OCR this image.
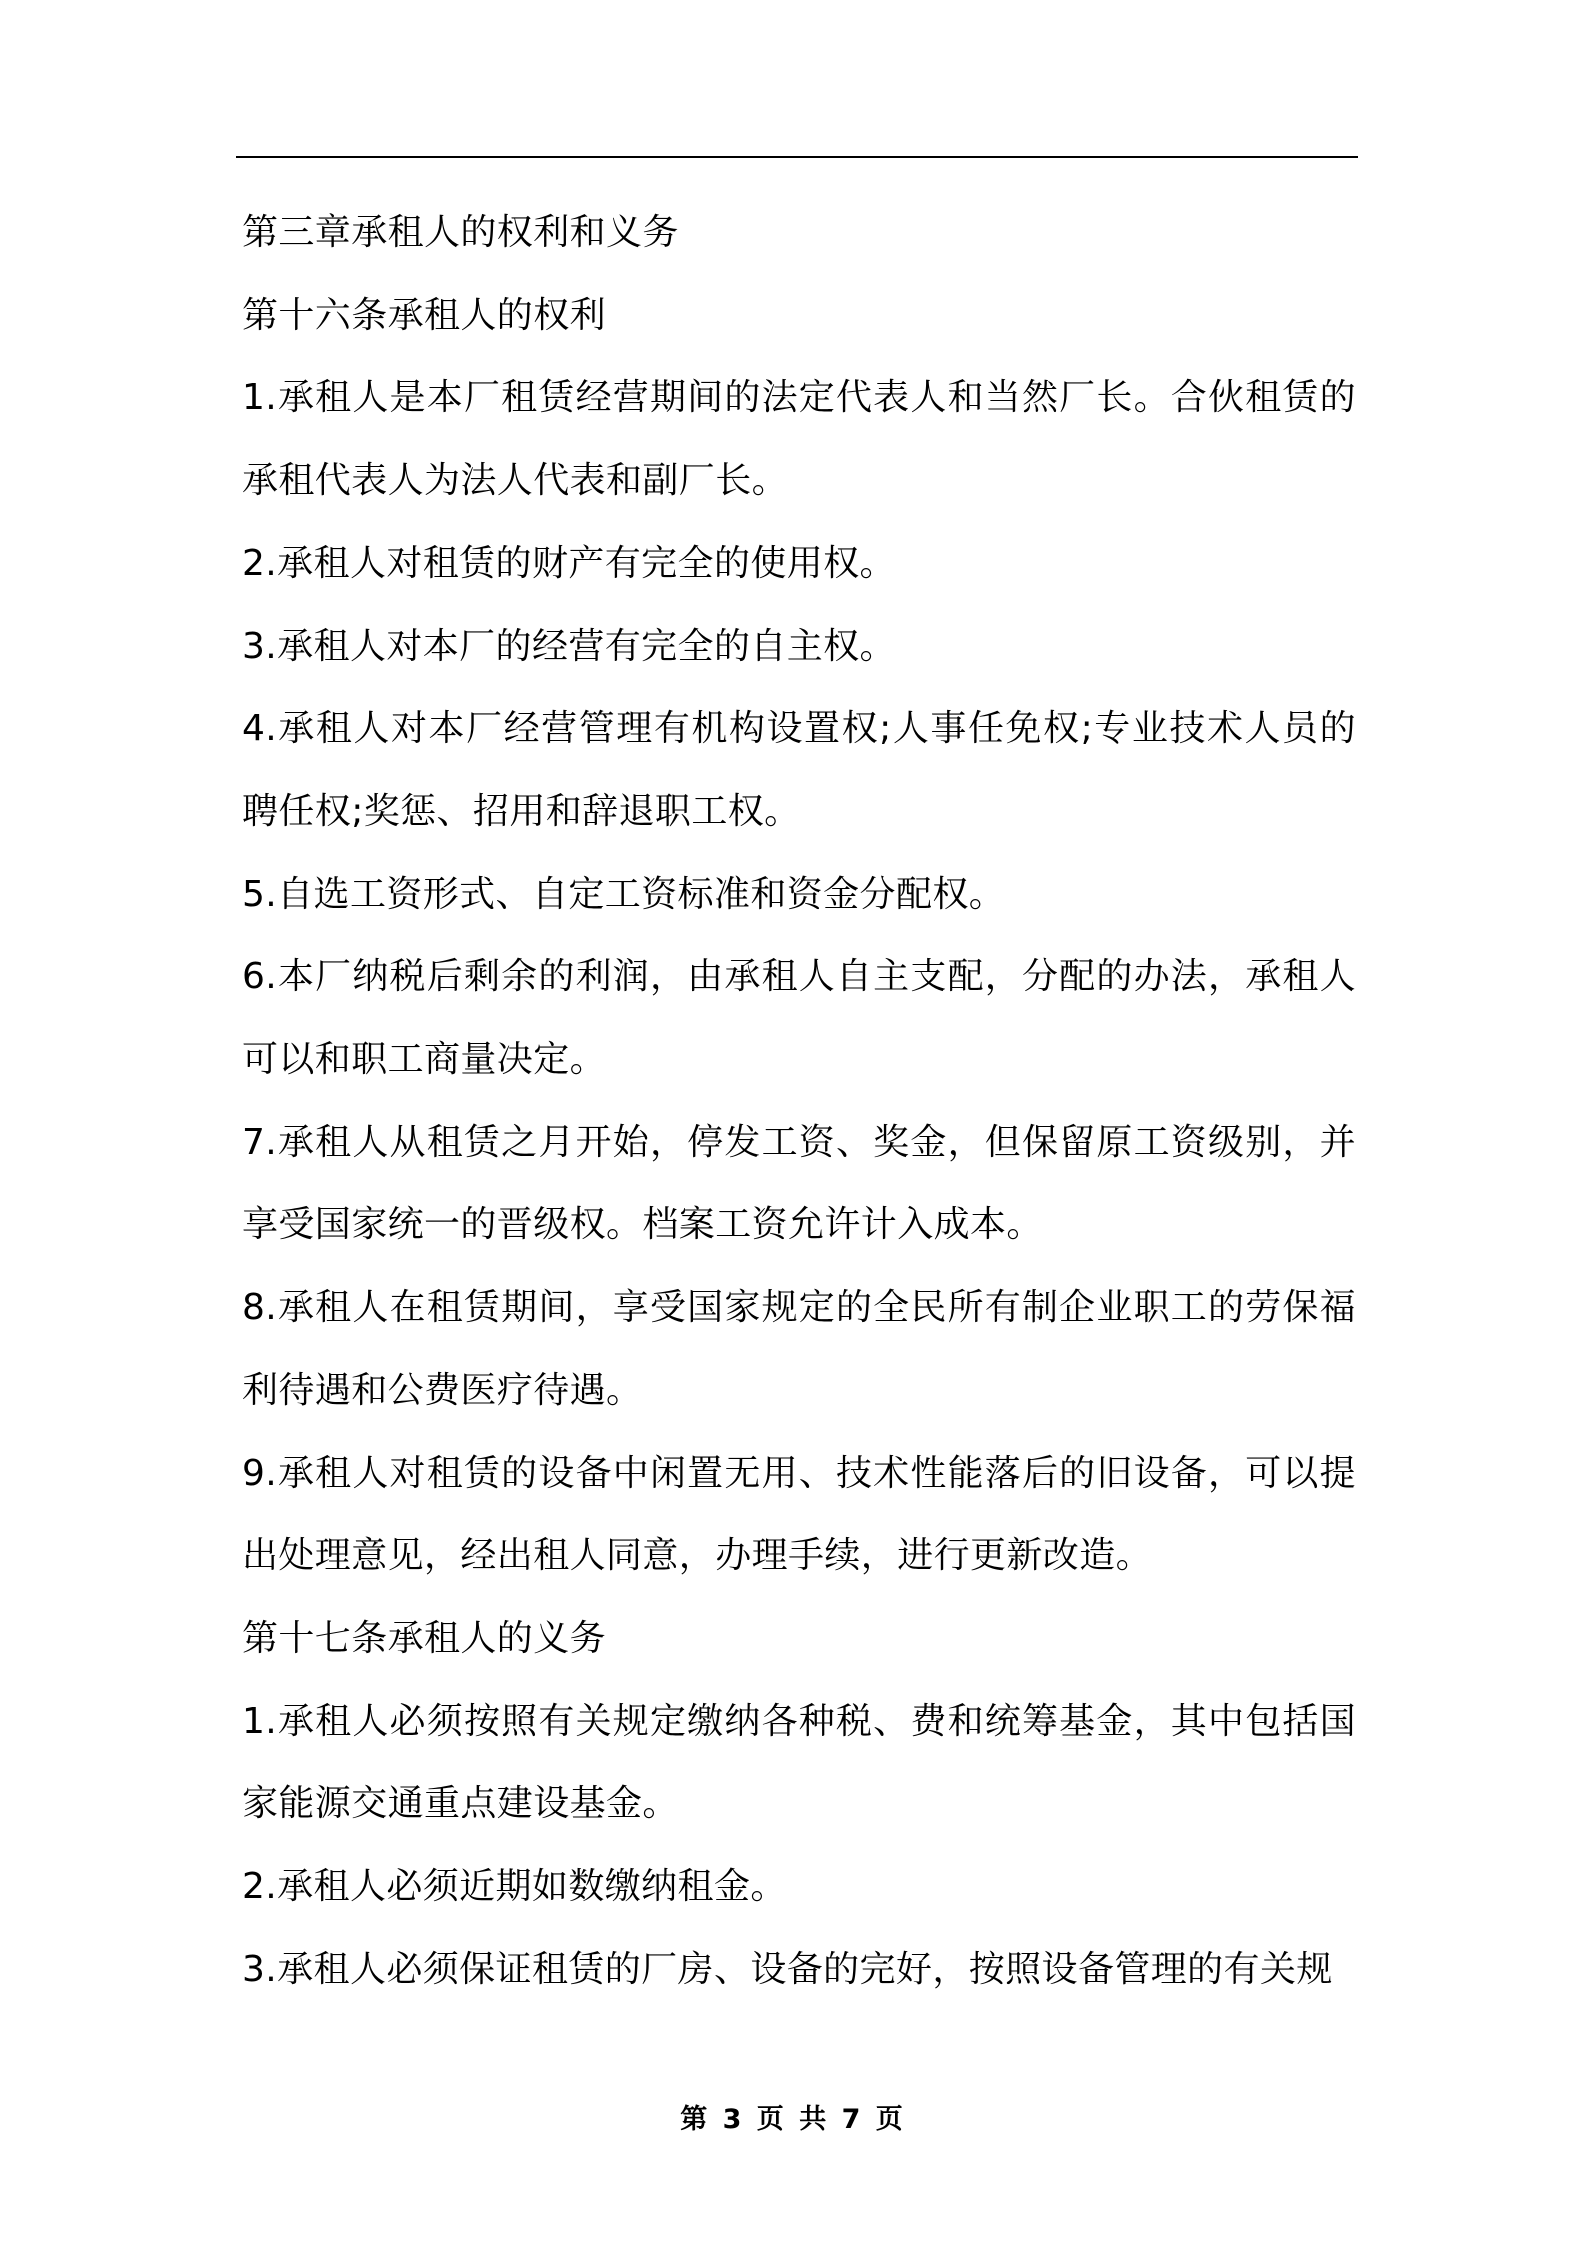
第三章承租人的权利和义务

第十六条承租人的权利

1.承租人是本厂租赁经营期间的法定代表人和当然厂长。合伙租赁的承租代表人为法人代表和副厂长。

2.承租人对租赁的财产有完全的使用权。

3.承租人对本厂的经营有完全的自主权。

4.承租人对本厂经营管理有机构设置权;人事任免权;专业技术人员的聘任权;奖惩、招用和辞退职工权。

5.自选工资形式、自定工资标准和资金分配权。

6.本厂纳税后剩余的利润，由承租人自主支配，分配的办法，承租人可以和职工商量决定。

7.承租人从租赁之月开始，停发工资、奖金，但保留原工资级别，并享受国家统一的晋级权。档案工资允许计入成本。

8.承租人在租赁期间，享受国家规定的全民所有制企业职工的劳保福利待遇和公费医疗待遇。

9.承租人对租赁的设备中闲置无用、技术性能落后的旧设备，可以提出处理意见，经出租人同意，办理手续，进行更新改造。

第十七条承租人的义务

1.承租人必须按照有关规定缴纳各种税、费和统筹基金，其中包括国家能源交通重点建设基金。

2.承租人必须近期如数缴纳租金。

3.承租人必须保证租赁的厂房、设备的完好，按照设备管理的有关规

第 3 页 共 7 页
